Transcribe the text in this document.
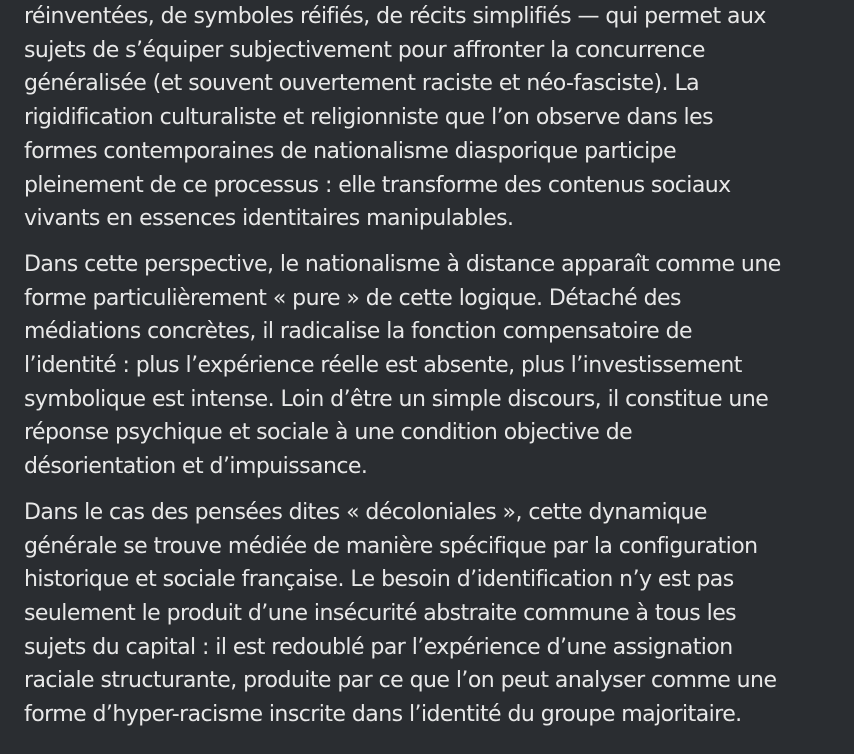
réinventées, de symboles réifiés, de récits simplifiés — qui permet aux
sujets de s’équiper subjectivement pour affronter la concurrence
généralisée (et souvent ouvertement raciste et néo-fasciste). La
rigidification culturaliste et religionniste que l’on observe dans les
formes contemporaines de nationalisme diasporique participe
pleinement de ce processus : elle transforme des contenus sociaux
vivants en essences identitaires manipulables.

Dans cette perspective, le nationalisme à distance apparaît comme une
forme particulièrement « pure » de cette logique. Détaché des
médiations concrètes, il radicalise la fonction compensatoire de
l’identité : plus l’expérience réelle est absente, plus l’investissement
symbolique est intense. Loin d’être un simple discours, il constitue une
réponse psychique et sociale à une condition objective de
désorientation et d’impuissance.

Dans le cas des pensées dites « décoloniales », cette dynamique
générale se trouve médiée de manière spécifique par la configuration
historique et sociale française. Le besoin d’identification n’y est pas
seulement le produit d’une insécurité abstraite commune à tous les
sujets du capital : il est redoublé par l’expérience d’une assignation
raciale structurante, produite par ce que l’on peut analyser comme une
forme d’hyper-racisme inscrite dans l’identité du groupe majoritaire.
